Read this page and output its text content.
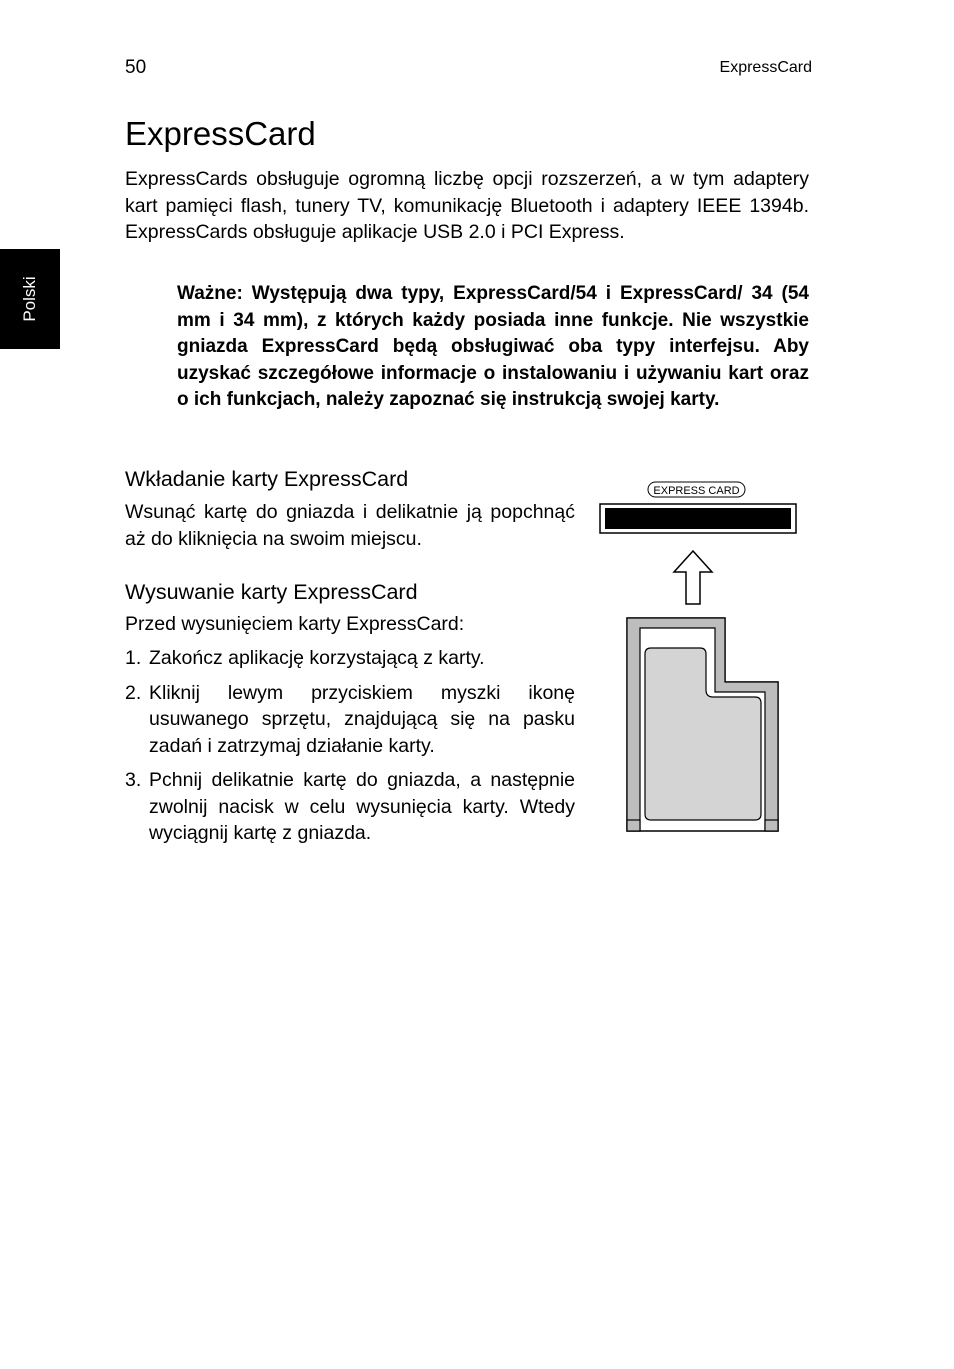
50	ExpressCard
Polski
ExpressCard

ExpressCards obsługuje ogromną liczbę opcji rozszerzeń, a w tym adaptery kart pamięci flash, tunery TV, komunikację Bluetooth i adaptery IEEE 1394b. ExpressCards obsługuje aplikacje USB 2.0 i PCI Express.

Ważne: Występują dwa typy, ExpressCard/54 i ExpressCard/ 34 (54 mm i 34 mm), z których każdy posiada inne funkcje. Nie wszystkie gniazda ExpressCard będą obsługiwać oba typy interfejsu. Aby uzyskać szczegółowe informacje o instalowaniu i używaniu kart oraz o ich funkcjach, należy zapoznać się instrukcją swojej karty.

Wkładanie karty ExpressCard

Wsunąć kartę do gniazda i delikatnie ją popchnąć aż do kliknięcia na swoim miejscu.

Wysuwanie karty ExpressCard

Przed wysunięciem karty ExpressCard:

1. Zakończ aplikację korzystającą z karty.
2. Kliknij lewym przyciskiem myszki ikonę usuwanego sprzętu, znajdującą się na pasku zadań i zatrzymaj działanie karty.
3. Pchnij delikatnie kartę do gniazda, a następnie zwolnij nacisk w celu wysunięcia karty. Wtedy wyciągnij kartę z gniazda.
EXPRESS CARD
